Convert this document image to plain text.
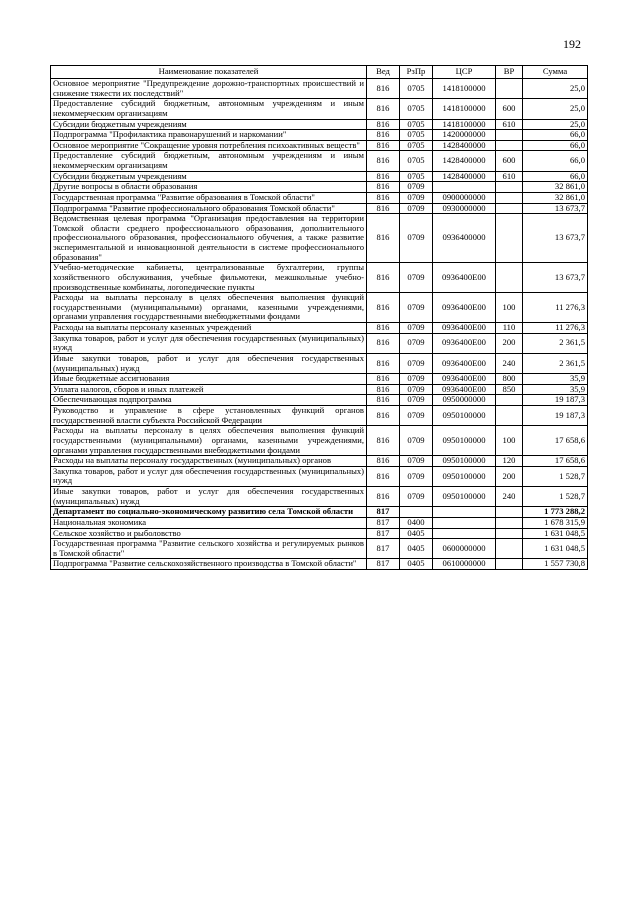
192
Наименование показателей	Вед	РзПр	ЦСР	ВР	Сумма
Основное мероприятие "Предупреждение дорожно-транспортных происшествий и снижение тяжести их последствий"	816	0705	1418100000		25,0
Предоставление субсидий бюджетным, автономным учреждениям и иным некоммерческим организациям	816	0705	1418100000	600	25,0
Субсидии бюджетным учреждениям	816	0705	1418100000	610	25,0
Подпрограмма "Профилактика правонарушений и наркомании"	816	0705	1420000000		66,0
Основное мероприятие "Сокращение уровня потребления психоактивных веществ"	816	0705	1428400000		66,0
Предоставление субсидий бюджетным, автономным учреждениям и иным некоммерческим организациям	816	0705	1428400000	600	66,0
Субсидии бюджетным учреждениям	816	0705	1428400000	610	66,0
Другие вопросы в области образования	816	0709			32 861,0
Государственная программа "Развитие образования в Томской области"	816	0709	0900000000		32 861,0
Подпрограмма "Развитие профессионального образования Томской области"	816	0709	0930000000		13 673,7
Ведомственная целевая программа "Организация предоставления на территории Томской области среднего профессионального образования, дополнительного профессионального образования, профессионального обучения, а также развитие экспериментальной и инновационной деятельности в системе профессионального образования"	816	0709	0936400000		13 673,7
Учебно-методические кабинеты, централизованные бухгалтерии, группы хозяйственного обслуживания, учебные фильмотеки, межшкольные учебно-производственные комбинаты, логопедические пункты	816	0709	0936400Е00		13 673,7
Расходы на выплаты персоналу в целях обеспечения выполнения функций государственными (муниципальными) органами, казенными учреждениями, органами управления государственными внебюджетными фондами	816	0709	0936400Е00	100	11 276,3
Расходы на выплаты персоналу казенных учреждений	816	0709	0936400Е00	110	11 276,3
Закупка товаров, работ и услуг для обеспечения государственных (муниципальных) нужд	816	0709	0936400Е00	200	2 361,5
Иные закупки товаров, работ и услуг для обеспечения государственных (муниципальных) нужд	816	0709	0936400Е00	240	2 361,5
Иные бюджетные ассигнования	816	0709	0936400Е00	800	35,9
Уплата налогов, сборов и иных платежей	816	0709	0936400Е00	850	35,9
Обеспечивающая подпрограмма	816	0709	0950000000		19 187,3
Руководство и управление в сфере установленных функций органов государственной власти субъекта Российской Федерации	816	0709	0950100000		19 187,3
Расходы на выплаты персоналу в целях обеспечения выполнения функций государственными (муниципальными) органами, казенными учреждениями, органами управления государственными внебюджетными фондами	816	0709	0950100000	100	17 658,6
Расходы на выплаты персоналу государственных (муниципальных) органов	816	0709	0950100000	120	17 658,6
Закупка товаров, работ и услуг для обеспечения государственных (муниципальных) нужд	816	0709	0950100000	200	1 528,7
Иные закупки товаров, работ и услуг для обеспечения государственных (муниципальных) нужд	816	0709	0950100000	240	1 528,7
Департамент по социально-экономическому развитию села Томской области	817				1 773 288,2
Национальная экономика	817	0400			1 678 315,9
Сельское хозяйство и рыболовство	817	0405			1 631 048,5
Государственная программа "Развитие сельского хозяйства и регулируемых рынков в Томской области"	817	0405	0600000000		1 631 048,5
Подпрограмма "Развитие сельскохозяйственного производства в Томской области"	817	0405	0610000000		1 557 730,8
